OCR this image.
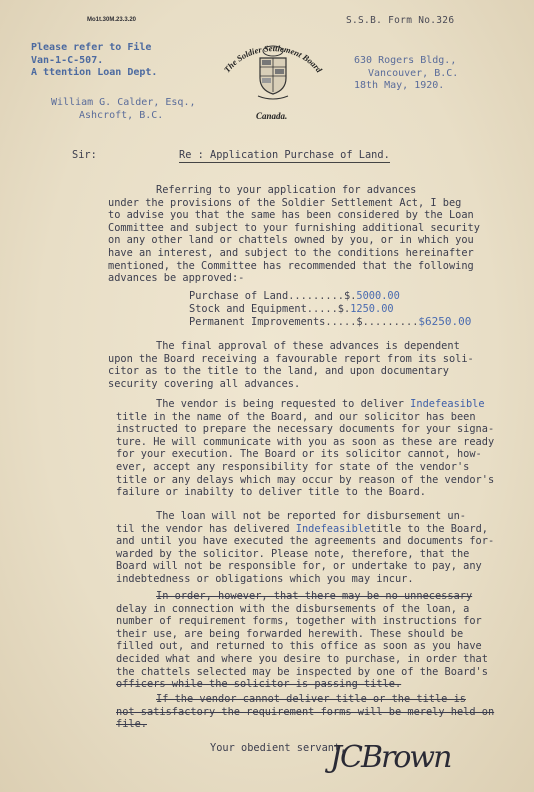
Mo1t.30M.23.3.20	S.S.B. Form No.326
Please refer to File
Van-1-C-507.
A ttention Loan Dept.	The Soldier Settlement Board
Canada.
630 Rogers Bldg.,
Vancouver, B.C.
18th May, 1920.
William G. Calder, Esq.,
Ashcroft, B.C.
Sir:	Re : Application Purchase of Land.
Referring to your application for advances
under the provisions of the Soldier Settlement Act, I beg
to advise you that the same has been considered by the Loan
Committee and subject to your furnishing additional security
on any other land or chattels owned by you, or in which you
have an interest, and subject to the conditions hereinafter
mentioned, the Committee has recommended that the following
advances be approved:-
Purchase of Land.........$.5000.00
Stock and Equipment.....$.1250.00
Permanent Improvements.....$.........$6250.00
The final approval of these advances is dependent
upon the Board receiving a favourable report from its soli-
citor as to the title to the land, and upon documentary
security covering all advances.
The vendor is being requested to deliver Indefeasible
title in the name of the Board, and our solicitor has been
instructed to prepare the necessary documents for your signa-
ture. He will communicate with you as soon as these are ready
for your execution. The Board or its solicitor cannot, how-
ever, accept any responsibility for state of the vendor's
title or any delays which may occur by reason of the vendor's
failure or inabilty to deliver title to the Board.
The loan will not be reported for disbursement un-
til the vendor has delivered Indefeasibletitle to the Board,
and until you have executed the agreements and documents for-
warded by the solicitor. Please note, therefore, that the
Board will not be responsible for, or undertake to pay, any
indebtedness or obligations which you may incur.
In order, however, that there may be no unnecessary
delay in connection with the disbursements of the loan, a
number of requirement forms, together with instructions for
their use, are being forwarded herewith. These should be
filled out, and returned to this office as soon as you have
decided what and where you desire to purchase, in order that
the chattels selected may be inspected by one of the Board's
officers while the solicitor is passing title.
If the vendor cannot deliver title or the title is
not satisfactory the requirement forms will be merely held on
file.
Your obedient servant,
JCBrown
